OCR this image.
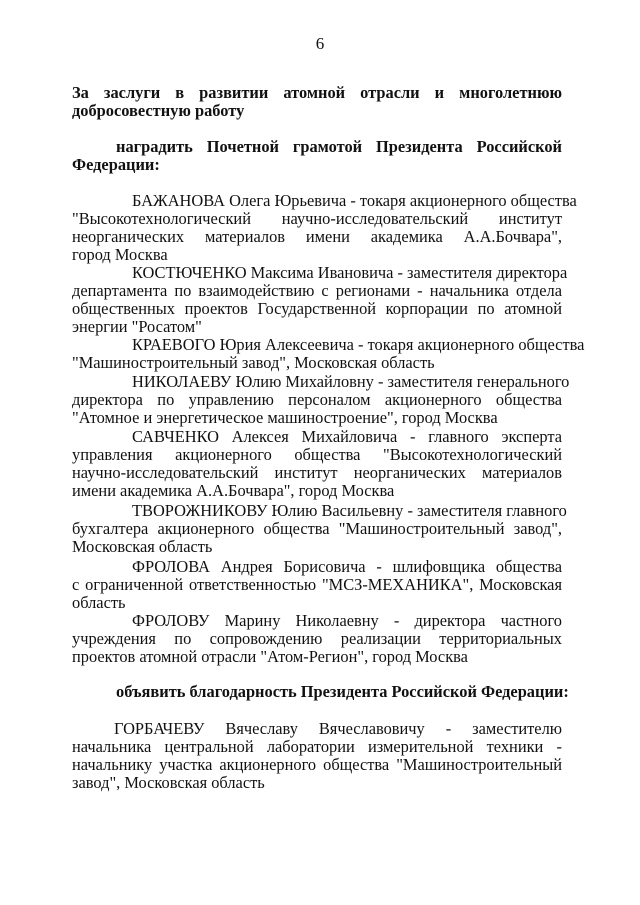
6
За заслуги в развитии атомной отрасли и многолетнюю
добросовестную работу
наградить Почетной грамотой Президента Российской
Федерации:
БАЖАНОВА Олега Юрьевича - токаря акционерного общества
"Высокотехнологический научно-исследовательский институт
неорганических материалов имени академика А.А.Бочвара",
город Москва
КОСТЮЧЕНКО Максима Ивановича - заместителя директора
департамента по взаимодействию с регионами - начальника отдела
общественных проектов Государственной корпорации по атомной
энергии "Росатом"
КРАЕВОГО Юрия Алексеевича - токаря акционерного общества
"Машиностроительный завод", Московская область
НИКОЛАЕВУ Юлию Михайловну - заместителя генерального
директора по управлению персоналом акционерного общества
"Атомное и энергетическое машиностроение", город Москва
САВЧЕНКО Алексея Михайловича - главного эксперта
управления акционерного общества "Высокотехнологический
научно-исследовательский институт неорганических материалов
имени академика А.А.Бочвара", город Москва
ТВОРОЖНИКОВУ Юлию Васильевну - заместителя главного
бухгалтера акционерного общества "Машиностроительный завод",
Московская область
ФРОЛОВА Андрея Борисовича - шлифовщика общества
с ограниченной ответственностью "МСЗ-МЕХАНИКА", Московская
область
ФРОЛОВУ Марину Николаевну - директора частного
учреждения по сопровождению реализации территориальных
проектов атомной отрасли "Атом-Регион", город Москва
объявить благодарность Президента Российской Федерации:
ГОРБАЧЕВУ Вячеславу Вячеславовичу - заместителю
начальника центральной лаборатории измерительной техники -
начальнику участка акционерного общества "Машиностроительный
завод", Московская область
